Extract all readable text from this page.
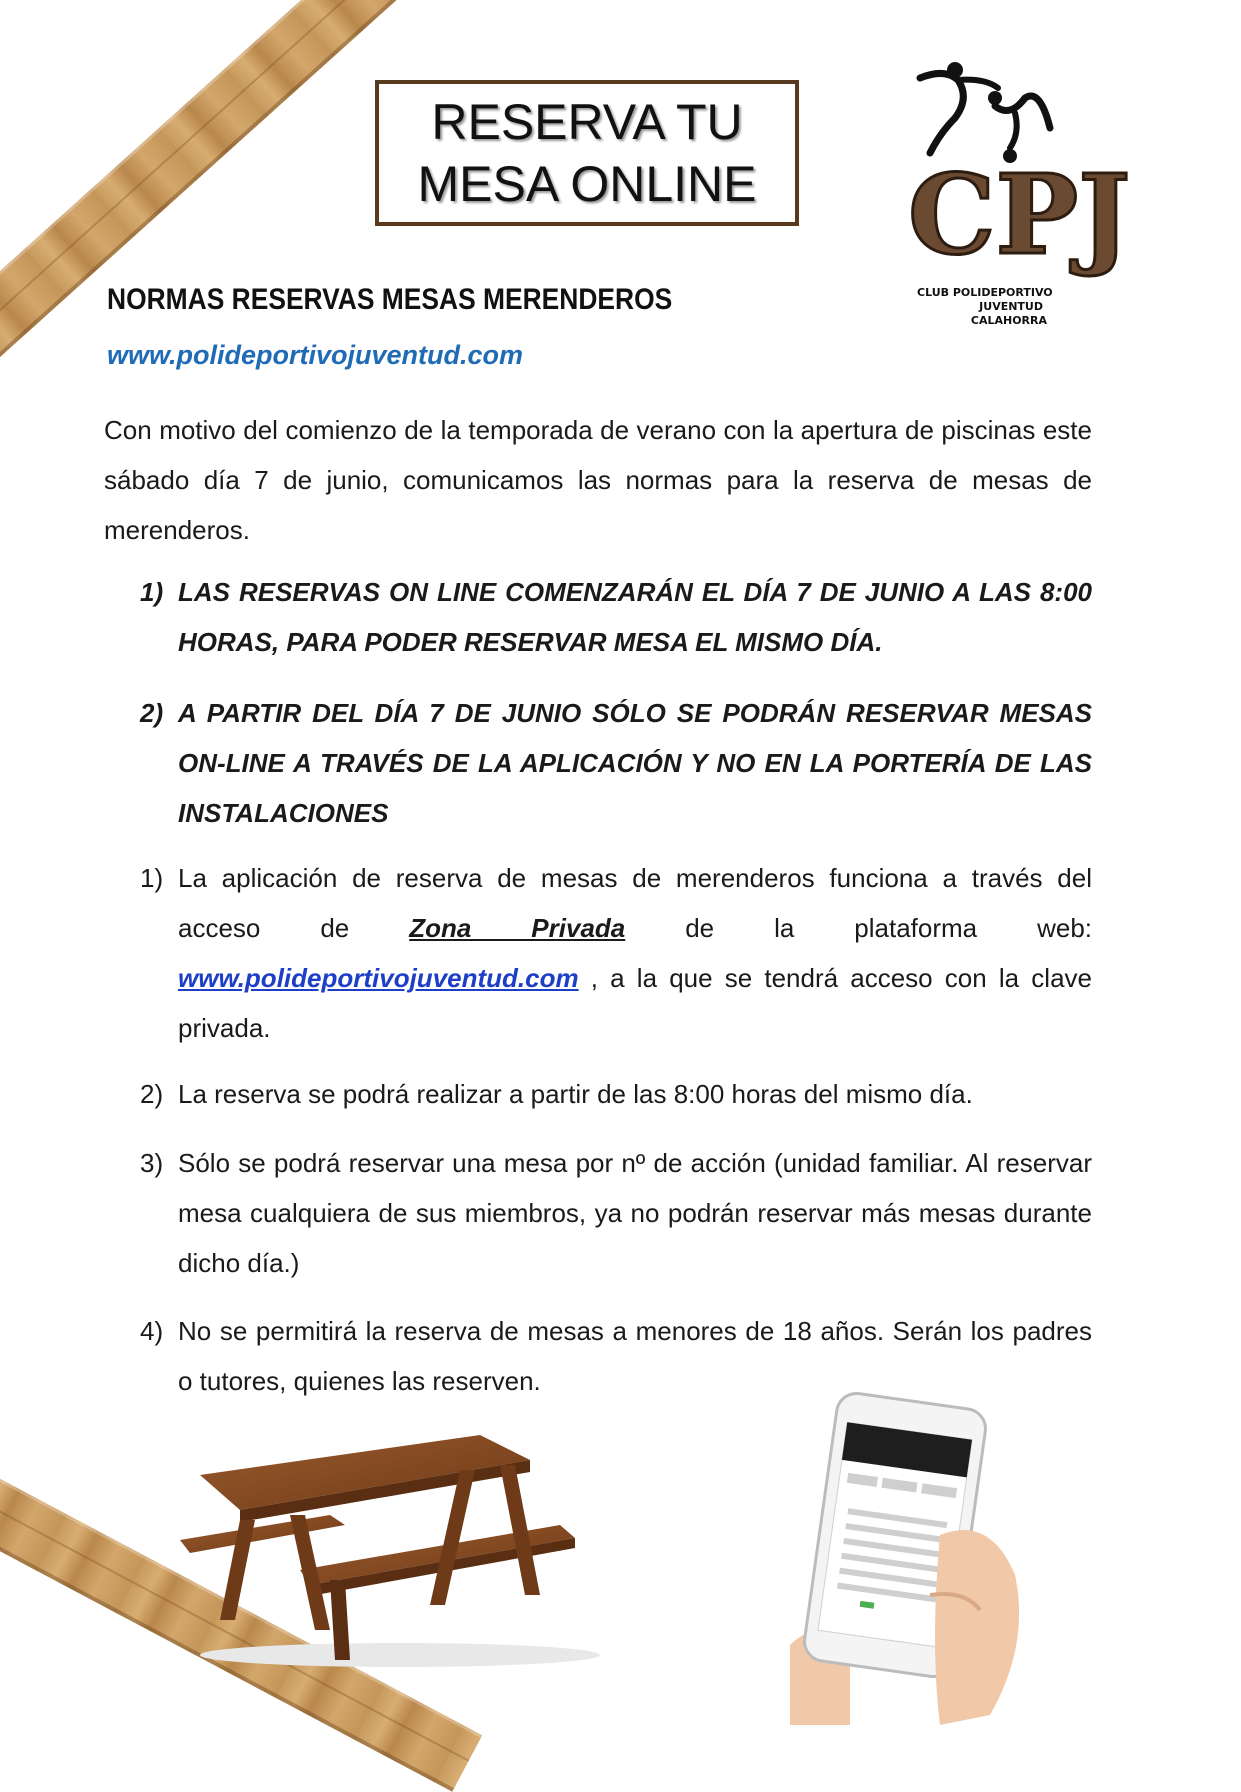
RESERVA TU
MESA ONLINE CPJ
CLUB POLIDEPORTIVO
JUVENTUD
CALAHORRA
NORMAS RESERVAS MESAS MERENDEROS
www.polideportivojuventud.com

Con motivo del comienzo de la temporada de verano con la apertura de piscinas este sábado día 7 de junio, comunicamos las normas para la reserva de mesas de merenderos.

1) LAS RESERVAS ON LINE COMENZARÁN EL DÍA 7 DE JUNIO A LAS 8:00 HORAS, PARA PODER RESERVAR MESA EL MISMO DÍA.
2) A PARTIR DEL DÍA 7 DE JUNIO SÓLO SE PODRÁN RESERVAR MESAS ON-LINE A TRAVÉS DE LA APLICACIÓN Y NO EN LA PORTERÍA DE LAS INSTALACIONES
1) La aplicación de reserva de mesas de merenderos funciona a través del acceso de Zona Privada de la plataforma web: www.polideportivojuventud.com , a la que se tendrá acceso con la clave privada.
2) La reserva se podrá realizar a partir de las 8:00 horas del mismo día.
3) Sólo se podrá reservar una mesa por nº de acción (unidad familiar. Al reservar mesa cualquiera de sus miembros, ya no podrán reservar más mesas durante dicho día.)
4) No se permitirá la reserva de mesas a menores de 18 años. Serán los padres o tutores, quienes las reserven.
